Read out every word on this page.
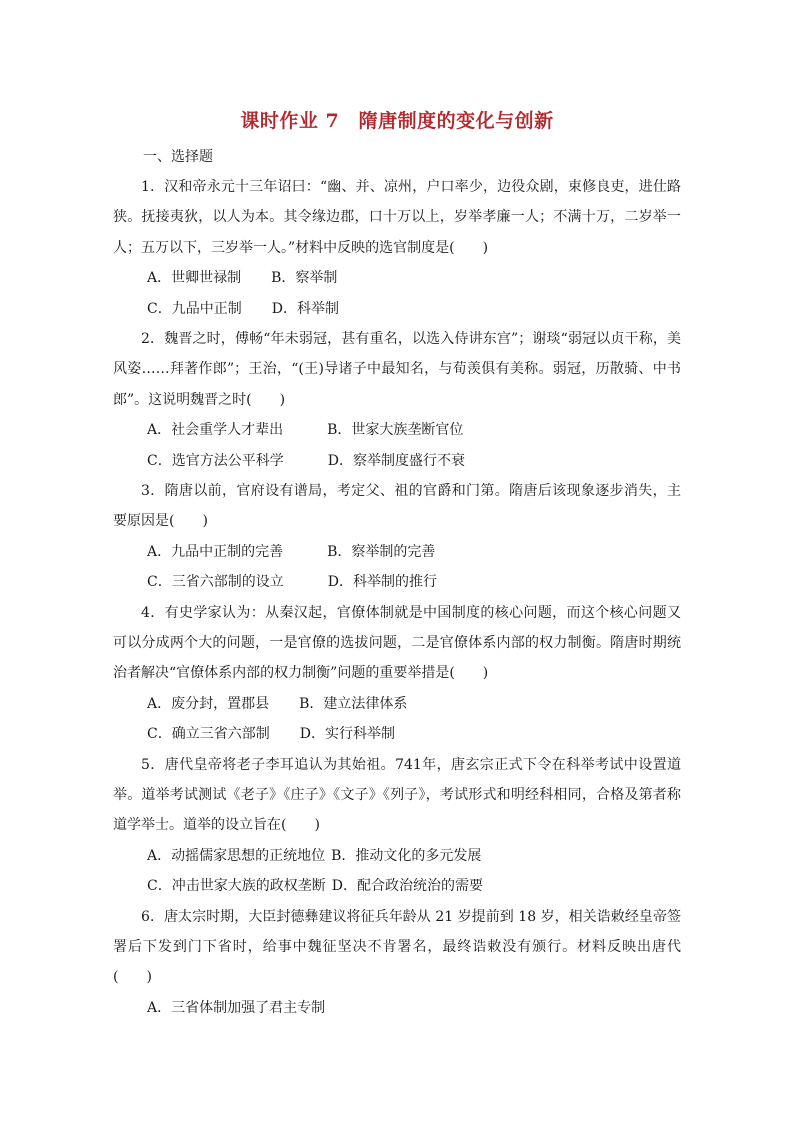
课时作业 7　隋唐制度的变化与创新
一、选择题

1．汉和帝永元十三年诏曰：“幽、并、凉州，户口率少，边役众剧，束修良吏，进仕路狭。抚接夷狄，以人为本。其令缘边郡，口十万以上，岁举孝廉一人；不满十万，二岁举一人；五万以下，三岁举一人。”材料中反映的选官制度是(　　)

A．世卿世禄制 B．察举制
C．九品中正制 D．科举制

2．魏晋之时，傅畅“年未弱冠，甚有重名，以选入侍讲东宫”；谢琰“弱冠以贞干称，美风姿……拜著作郎”；王治，“(王)导诸子中最知名，与荀羡俱有美称。弱冠，历散骑、中书郎”。这说明魏晋之时(　　)

A．社会重学人才辈出	B．世家大族垄断官位
C．选官方法公平科学	D．察举制度盛行不衰

3．隋唐以前，官府设有谱局，考定父、祖的官爵和门第。隋唐后该现象逐步消失，主要原因是(　　)

A．九品中正制的完善	B．察举制的完善
C．三省六部制的设立	D．科举制的推行

4．有史学家认为：从秦汉起，官僚体制就是中国制度的核心问题，而这个核心问题又可以分成两个大的问题，一是官僚的选拔问题，二是官僚体系内部的权力制衡。隋唐时期统治者解决“官僚体系内部的权力制衡”问题的重要举措是(　　)

A．废分封，置郡县 B．建立法律体系
C．确立三省六部制 D．实行科举制

5．唐代皇帝将老子李耳追认为其始祖。741年，唐玄宗正式下令在科举考试中设置道举。道举考试测试《老子》《庄子》《文子》《列子》，考试形式和明经科相同，合格及第者称道学举士。道举的设立旨在(　　)

A．动摇儒家思想的正统地位 B．推动文化的多元发展
C．冲击世家大族的政权垄断 D．配合政治统治的需要

6．唐太宗时期，大臣封德彝建议将征兵年龄从 21 岁提前到 18 岁，相关诰敕经皇帝签署后下发到门下省时，给事中魏征坚决不肯署名，最终诰敕没有颁行。材料反映出唐代(　　)

A．三省体制加强了君主专制
